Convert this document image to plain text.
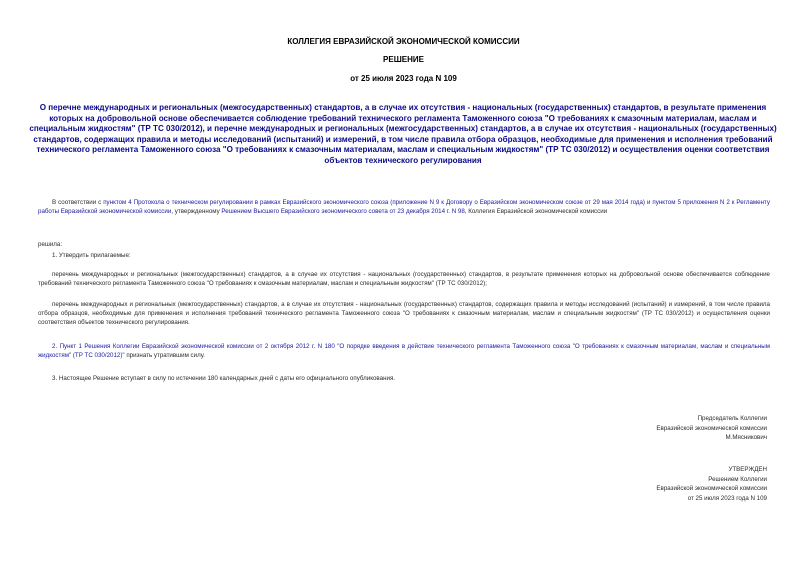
КОЛЛЕГИЯ ЕВРАЗИЙСКОЙ ЭКОНОМИЧЕСКОЙ КОМИССИИ
РЕШЕНИЕ
от 25 июля 2023 года N 109
О перечне международных и региональных (межгосударственных) стандартов, а в случае их отсутствия - национальных (государственных) стандартов, в результате применения которых на добровольной основе обеспечивается соблюдение требований технического регламента Таможенного союза "О требованиях к смазочным материалам, маслам и специальным жидкостям" (ТР ТС 030/2012), и перечне международных и региональных (межгосударственных) стандартов, а в случае их отсутствия - национальных (государственных) стандартов, содержащих правила и методы исследований (испытаний) и измерений, в том числе правила отбора образцов, необходимые для применения и исполнения требований технического регламента Таможенного союза "О требованиях к смазочным материалам, маслам и специальным жидкостям" (ТР ТС 030/2012) и осуществления оценки соответствия объектов технического регулирования
В соответствии с пунктом 4 Протокола о техническом регулировании в рамках Евразийского экономического союза (приложение N 9 к Договору о Евразийском экономическом союзе от 29 мая 2014 года) и пунктом 5 приложения N 2 к Регламенту работы Евразийской экономической комиссии, утвержденному Решением Высшего Евразийского экономического совета от 23 декабря 2014 г. N 98, Коллегия Евразийской экономической комиссии
решила:
1. Утвердить прилагаемые:
перечень международных и региональных (межгосударственных) стандартов, а в случае их отсутствия - национальных (государственных) стандартов, в результате применения которых на добровольной основе обеспечивается соблюдение требований технического регламента Таможенного союза "О требованиях к смазочным материалам, маслам и специальным жидкостям" (ТР ТС 030/2012);
перечень международных и региональных (межгосударственных) стандартов, а в случае их отсутствия - национальных (государственных) стандартов, содержащих правила и методы исследований (испытаний) и измерений, в том числе правила отбора образцов, необходимые для применения и исполнения требований технического регламента Таможенного союза "О требованиях к смазочным материалам, маслам и специальным жидкостям" (ТР ТС 030/2012) и осуществления оценки соответствия объектов технического регулирования.
2. Пункт 1 Решения Коллегии Евразийской экономической комиссии от 2 октября 2012 г. N 180 "О порядке введения в действие технического регламента Таможенного союза "О требованиях к смазочным материалам, маслам и специальным жидкостям" (ТР ТС 030/2012)" признать утратившим силу.
3. Настоящее Решение вступает в силу по истечении 180 календарных дней с даты его официального опубликования.
Председатель Коллегии
Евразийской экономической комиссии
М.Мясникович
УТВЕРЖДЕН
Решением Коллегии
Евразийской экономической комиссии
от 25 июля 2023 года N 109
